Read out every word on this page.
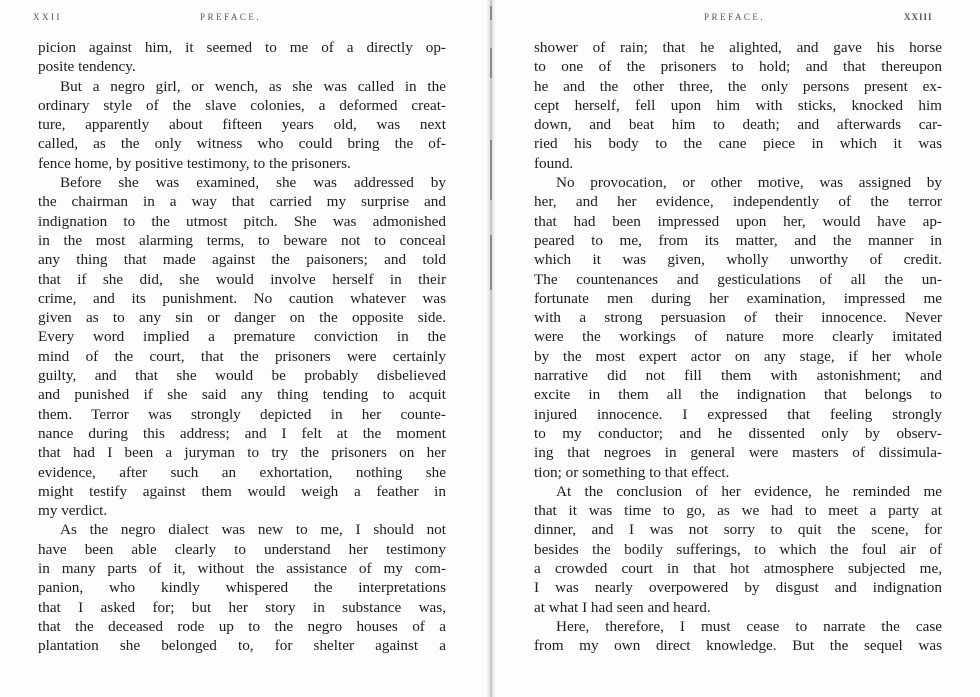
XXII	PREFACE.
picion against him, it seemed to me of a directly op-
posite tendency.
But a negro girl, or wench, as she was called in the
ordinary style of the slave colonies, a deformed creat-
ture, apparently about fifteen years old, was next
called, as the only witness who could bring the of-
fence home, by positive testimony, to the prisoners.
Before she was examined, she was addressed by
the chairman in a way that carried my surprise and
indignation to the utmost pitch. She was admonished
in the most alarming terms, to beware not to conceal
any thing that made against the paisoners; and told
that if she did, she would involve herself in their
crime, and its punishment. No caution whatever was
given as to any sin or danger on the opposite side.
Every word implied a premature conviction in the
mind of the court, that the prisoners were certainly
guilty, and that she would be probably disbelieved
and punished if she said any thing tending to acquit
them. Terror was strongly depicted in her counte-
nance during this address; and I felt at the moment
that had I been a juryman to try the prisoners on her
evidence, after such an exhortation, nothing she
might testify against them would weigh a feather in
my verdict.
As the negro dialect was new to me, I should not
have been able clearly to understand her testimony
in many parts of it, without the assistance of my com-
panion, who kindly whispered the interpretations
that I asked for; but her story in substance was,
that the deceased rode up to the negro houses of a
plantation she belonged to, for shelter against a
PREFACE.	XXIII
shower of rain; that he alighted, and gave his horse
to one of the prisoners to hold; and that thereupon
he and the other three, the only persons present ex-
cept herself, fell upon him with sticks, knocked him
down, and beat him to death; and afterwards car-
ried his body to the cane piece in which it was
found.
No provocation, or other motive, was assigned by
her, and her evidence, independently of the terror
that had been impressed upon her, would have ap-
peared to me, from its matter, and the manner in
which it was given, wholly unworthy of credit.
The countenances and gesticulations of all the un-
fortunate men during her examination, impressed me
with a strong persuasion of their innocence. Never
were the workings of nature more clearly imitated
by the most expert actor on any stage, if her whole
narrative did not fill them with astonishment; and
excite in them all the indignation that belongs to
injured innocence. I expressed that feeling strongly
to my conductor; and he dissented only by observ-
ing that negroes in general were masters of dissimula-
tion; or something to that effect.
At the conclusion of her evidence, he reminded me
that it was time to go, as we had to meet a party at
dinner, and I was not sorry to quit the scene, for
besides the bodily sufferings, to which the foul air of
a crowded court in that hot atmosphere subjected me,
I was nearly overpowered by disgust and indignation
at what I had seen and heard.
Here, therefore, I must cease to narrate the case
from my own direct knowledge. But the sequel was
